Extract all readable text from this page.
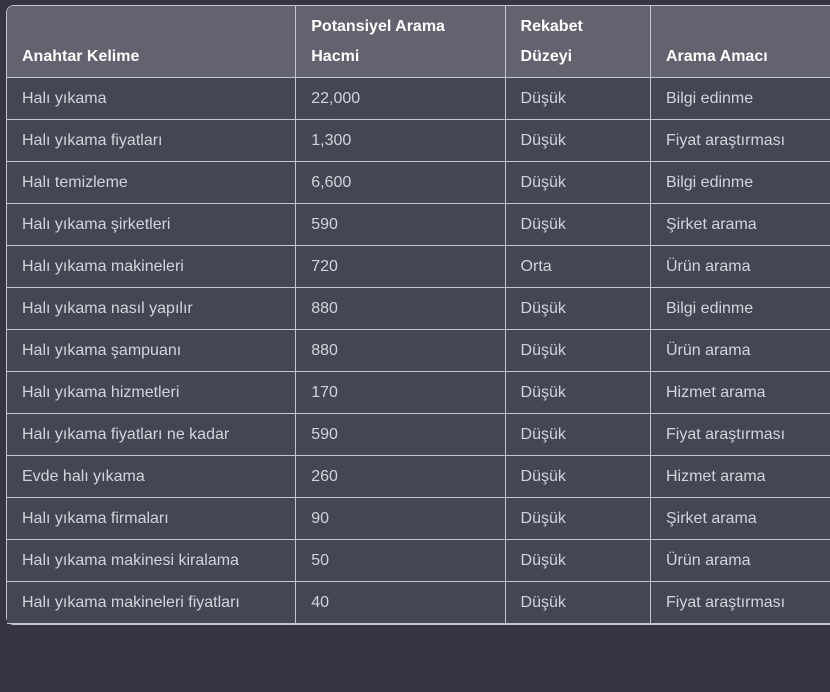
Anahtar Kelime	Potansiyel Arama Hacmi	Rekabet Düzeyi	Arama Amacı
Halı yıkama	22,000	Düşük	Bilgi edinme
Halı yıkama fiyatları	1,300	Düşük	Fiyat araştırması
Halı temizleme	6,600	Düşük	Bilgi edinme
Halı yıkama şirketleri	590	Düşük	Şirket arama
Halı yıkama makineleri	720	Orta	Ürün arama
Halı yıkama nasıl yapılır	880	Düşük	Bilgi edinme
Halı yıkama şampuanı	880	Düşük	Ürün arama
Halı yıkama hizmetleri	170	Düşük	Hizmet arama
Halı yıkama fiyatları ne kadar	590	Düşük	Fiyat araştırması
Evde halı yıkama	260	Düşük	Hizmet arama
Halı yıkama firmaları	90	Düşük	Şirket arama
Halı yıkama makinesi kiralama	50	Düşük	Ürün arama
Halı yıkama makineleri fiyatları	40	Düşük	Fiyat araştırması
